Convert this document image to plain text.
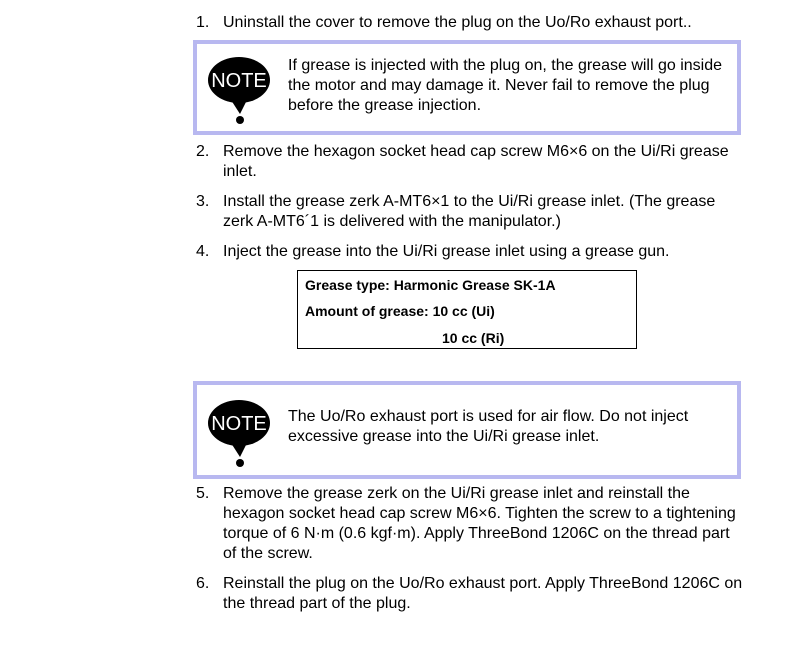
1. Uninstall the cover to remove the plug on the Uo/Ro exhaust port..
NOTE
If grease is injected with the plug on, the grease will go inside the motor and may damage it. Never fail to remove the plug before the grease injection.
2. Remove the hexagon socket head cap screw M6×6 on the Ui/Ri grease inlet.
3. Install the grease zerk A-MT6×1 to the Ui/Ri grease inlet. (The grease zerk A-MT6´1 is delivered with the manipulator.)
4. Inject the grease into the Ui/Ri grease inlet using a grease gun.
Grease type: Harmonic Grease SK-1A
Amount of grease: 10 cc (Ui)
10 cc (Ri)
NOTE The Uo/Ro exhaust port is used for air flow. Do not inject excessive grease into the Ui/Ri grease inlet.
5. Remove the grease zerk on the Ui/Ri grease inlet and reinstall the hexagon socket head cap screw M6×6. Tighten the screw to a tightening torque of 6 N·m (0.6 kgf·m). Apply ThreeBond 1206C on the thread part of the screw.
6. Reinstall the plug on the Uo/Ro exhaust port. Apply ThreeBond 1206C on the thread part of the plug.
